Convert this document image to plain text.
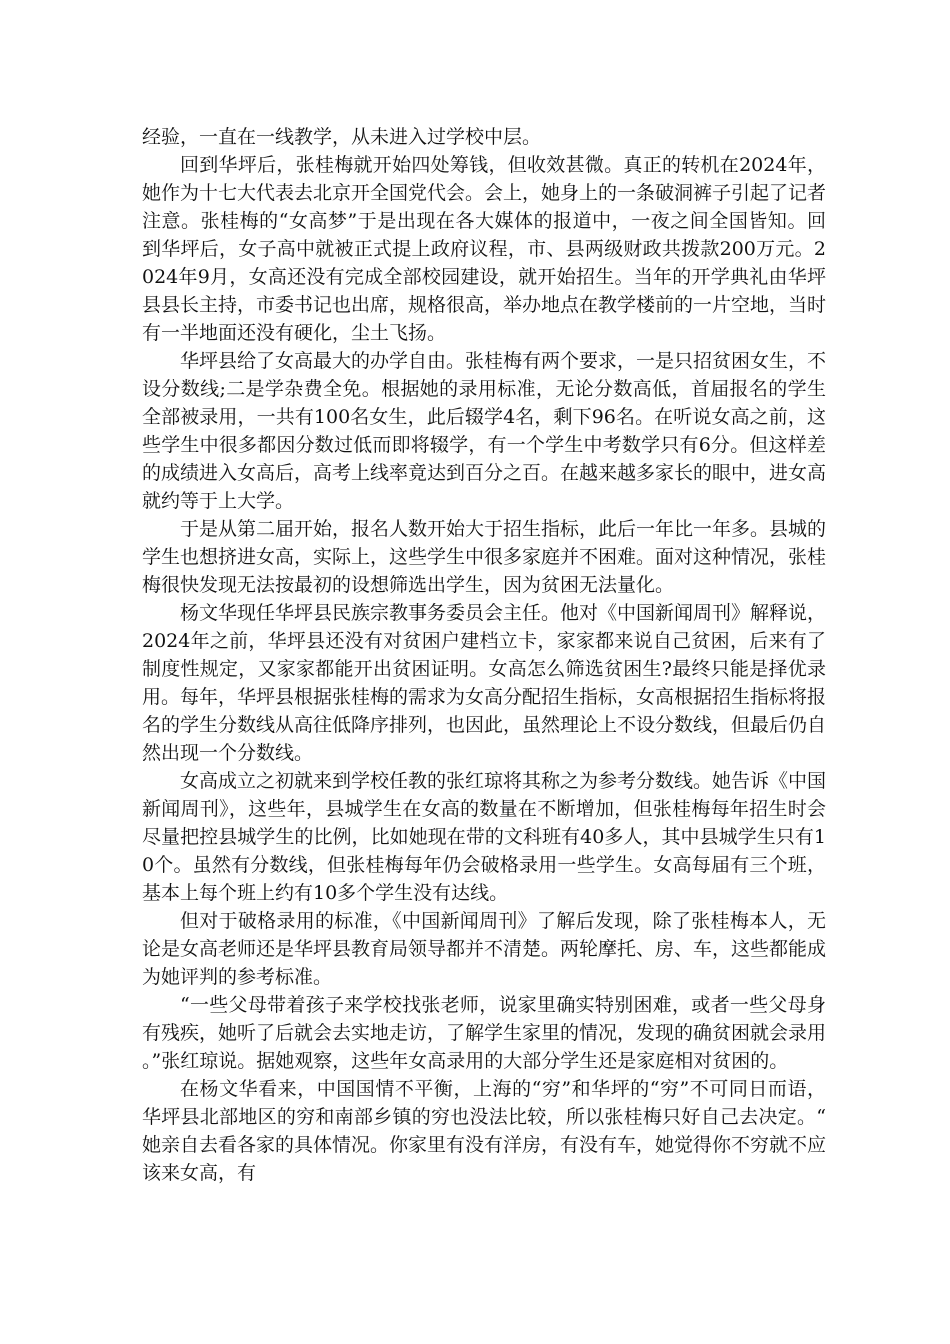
经验，一直在一线教学，从未进入过学校中层。

回到华坪后，张桂梅就开始四处筹钱，但收效甚微。真正的转机在2024年，她作为十七大代表去北京开全国党代会。会上，她身上的一条破洞裤子引起了记者注意。张桂梅的“女高梦”于是出现在各大媒体的报道中，一夜之间全国皆知。回到华坪后，女子高中就被正式提上政府议程，市、县两级财政共拨款200万元。2024年9月，女高还没有完成全部校园建设，就开始招生。当年的开学典礼由华坪县县长主持，市委书记也出席，规格很高，举办地点在教学楼前的一片空地，当时有一半地面还没有硬化，尘土飞扬。

华坪县给了女高最大的办学自由。张桂梅有两个要求，一是只招贫困女生，不设分数线;二是学杂费全免。根据她的录用标准，无论分数高低，首届报名的学生全部被录用，一共有100名女生，此后辍学4名，剩下96名。在听说女高之前，这些学生中很多都因分数过低而即将辍学，有一个学生中考数学只有6分。但这样差的成绩进入女高后，高考上线率竟达到百分之百。在越来越多家长的眼中，进女高就约等于上大学。

于是从第二届开始，报名人数开始大于招生指标，此后一年比一年多。县城的学生也想挤进女高，实际上，这些学生中很多家庭并不困难。面对这种情况，张桂梅很快发现无法按最初的设想筛选出学生，因为贫困无法量化。

杨文华现任华坪县民族宗教事务委员会主任。他对《中国新闻周刊》解释说，2024年之前，华坪县还没有对贫困户建档立卡，家家都来说自己贫困，后来有了制度性规定，又家家都能开出贫困证明。女高怎么筛选贫困生?最终只能是择优录用。每年，华坪县根据张桂梅的需求为女高分配招生指标，女高根据招生指标将报名的学生分数线从高往低降序排列，也因此，虽然理论上不设分数线，但最后仍自然出现一个分数线。

女高成立之初就来到学校任教的张红琼将其称之为参考分数线。她告诉《中国新闻周刊》，这些年，县城学生在女高的数量在不断增加，但张桂梅每年招生时会尽量把控县城学生的比例，比如她现在带的文科班有40多人，其中县城学生只有10个。虽然有分数线，但张桂梅每年仍会破格录用一些学生。女高每届有三个班，基本上每个班上约有10多个学生没有达线。

但对于破格录用的标准，《中国新闻周刊》了解后发现，除了张桂梅本人，无论是女高老师还是华坪县教育局领导都并不清楚。两轮摩托、房、车，这些都能成为她评判的参考标准。

“一些父母带着孩子来学校找张老师，说家里确实特别困难，或者一些父母身有残疾，她听了后就会去实地走访，了解学生家里的情况，发现的确贫困就会录用。”张红琼说。据她观察，这些年女高录用的大部分学生还是家庭相对贫困的。

在杨文华看来，中国国情不平衡，上海的“穷”和华坪的“穷”不可同日而语，华坪县北部地区的穷和南部乡镇的穷也没法比较，所以张桂梅只好自己去决定。“她亲自去看各家的具体情况。你家里有没有洋房，有没有车，她觉得你不穷就不应该来女高，有
